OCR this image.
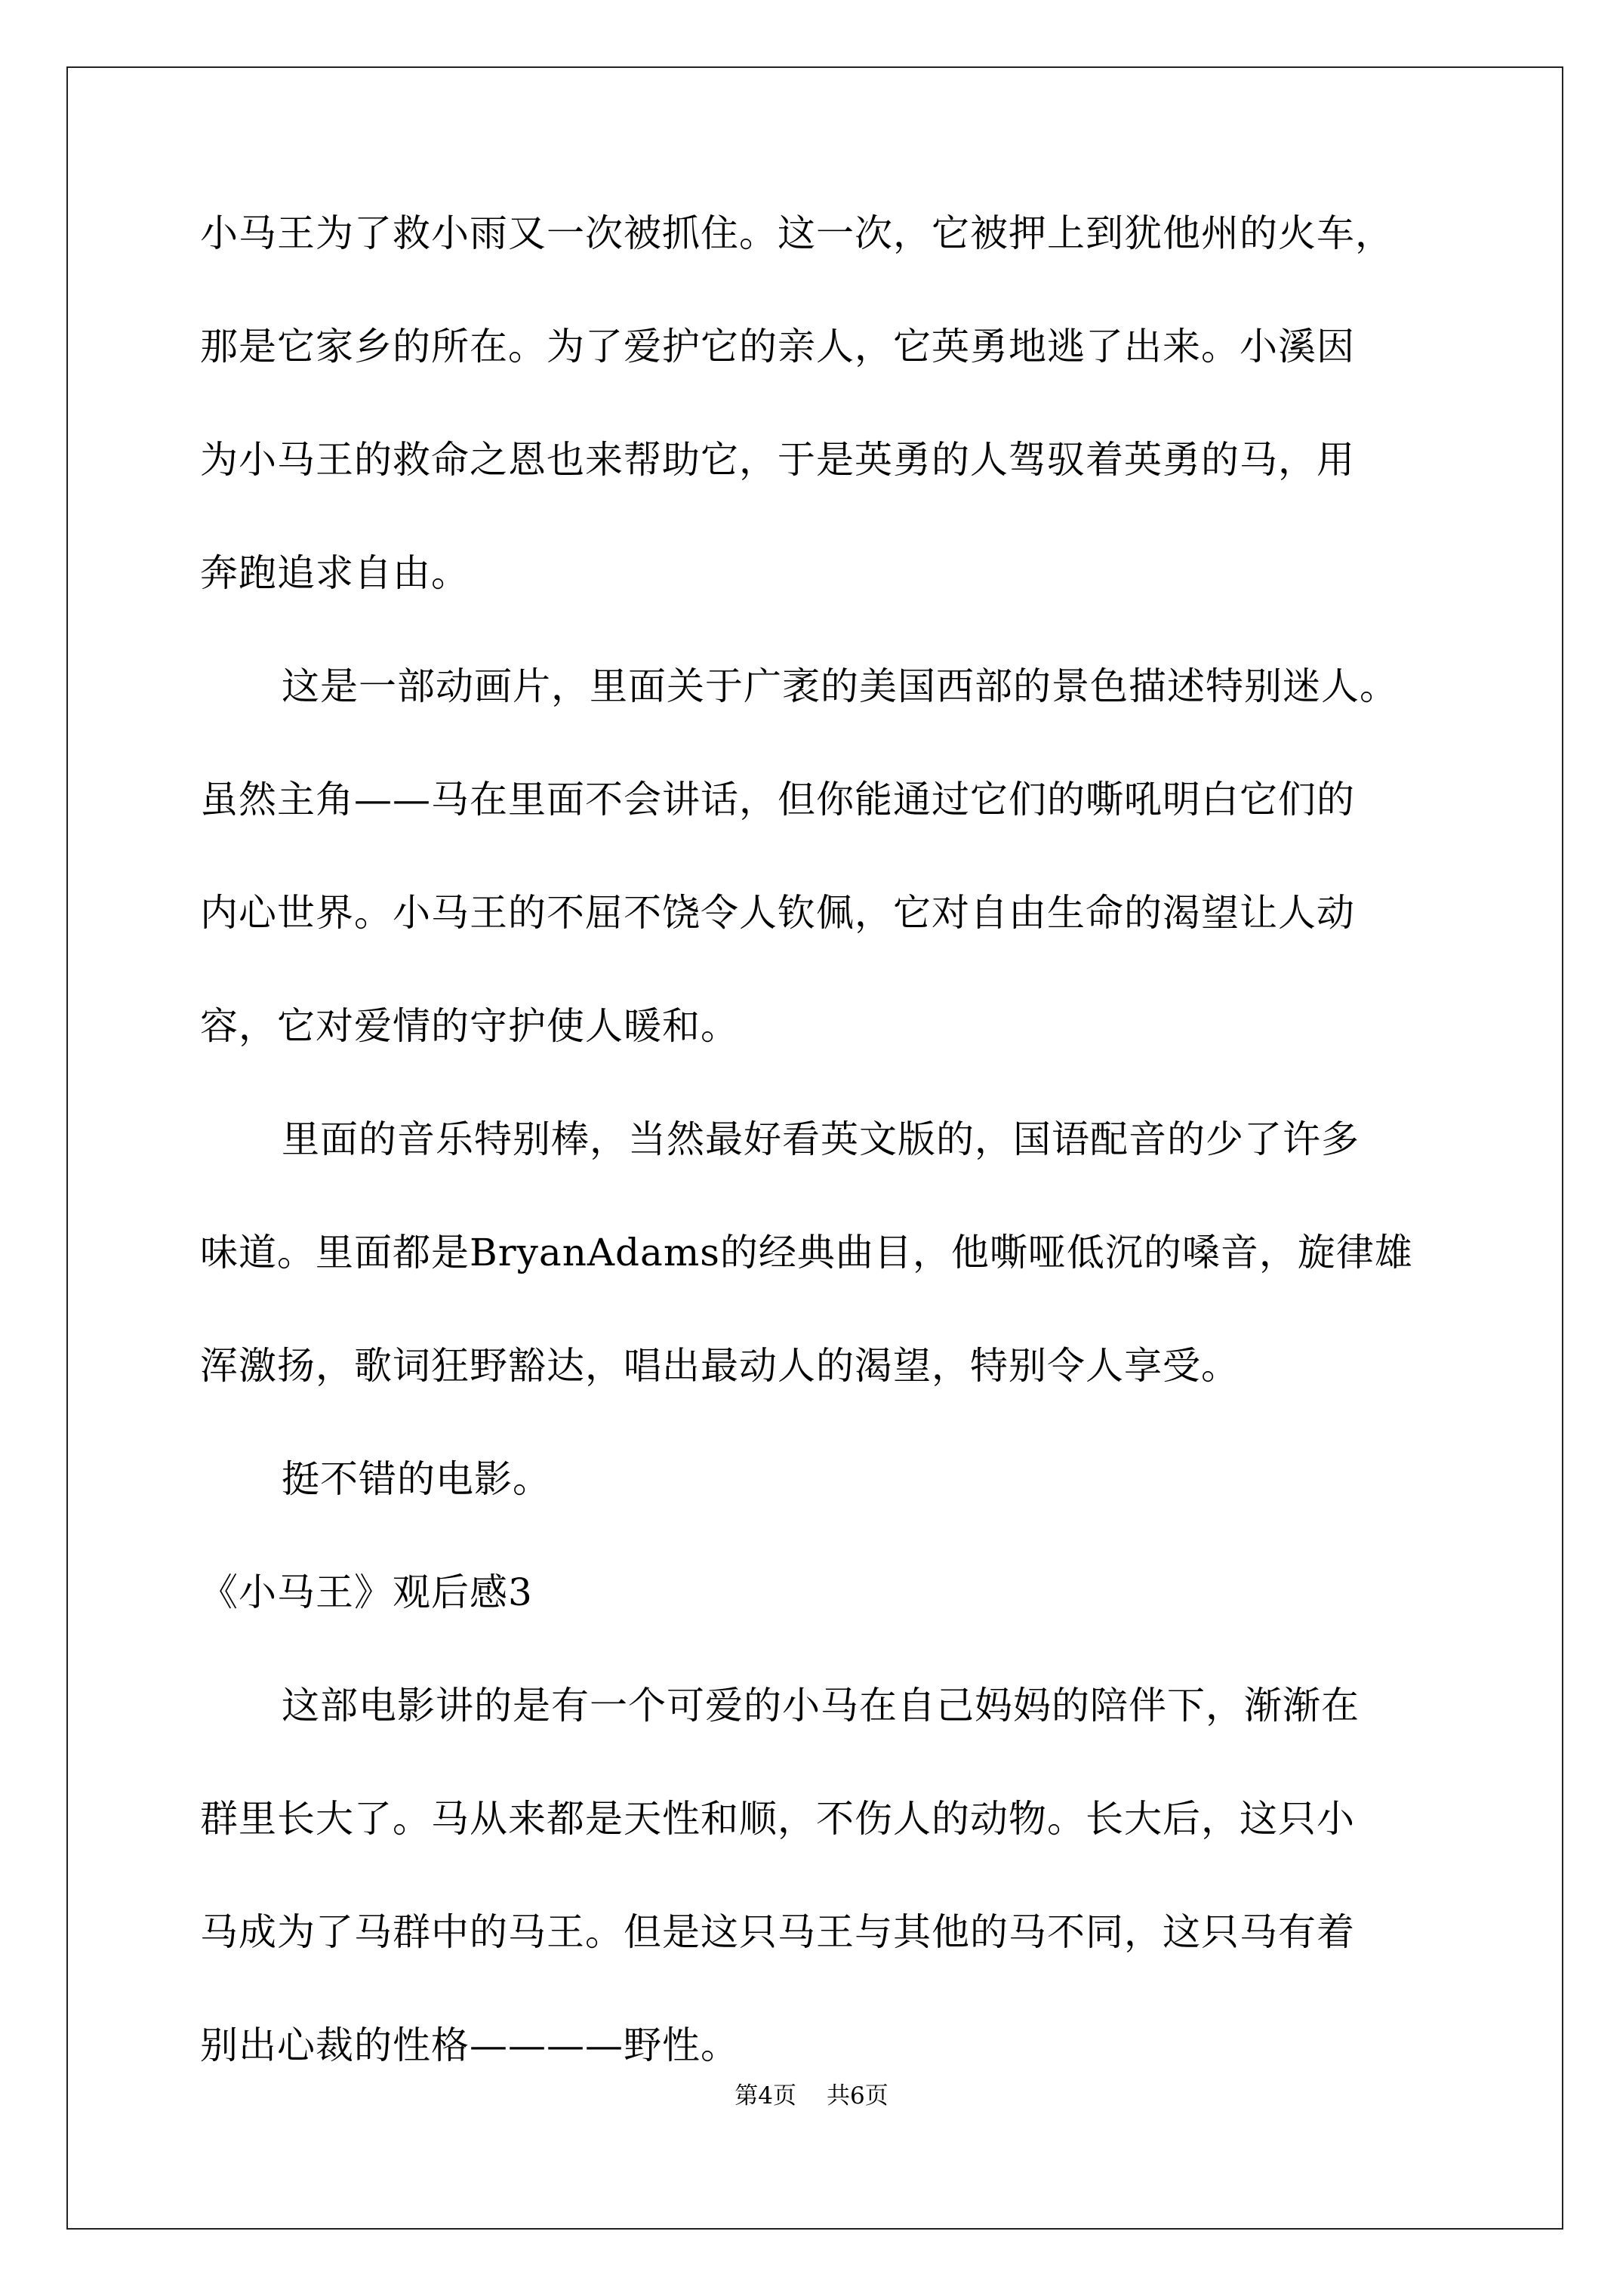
小马王为了救小雨又一次被抓住。这一次，它被押上到犹他州的火车，
那是它家乡的所在。为了爱护它的亲人，它英勇地逃了出来。小溪因
为小马王的救命之恩也来帮助它，于是英勇的人驾驭着英勇的马，用
奔跑追求自由。
这是一部动画片，里面关于广袤的美国西部的景色描述特别迷人。
虽然主角——马在里面不会讲话，但你能通过它们的嘶吼明白它们的
内心世界。小马王的不屈不饶令人钦佩，它对自由生命的渴望让人动
容，它对爱情的守护使人暖和。
里面的音乐特别棒，当然最好看英文版的，国语配音的少了许多
味道。里面都是BryanAdams的经典曲目，他嘶哑低沉的嗓音，旋律雄
浑激扬，歌词狂野豁达，唱出最动人的渴望，特别令人享受。
挺不错的电影。
《小马王》观后感3
这部电影讲的是有一个可爱的小马在自己妈妈的陪伴下，渐渐在
群里长大了。马从来都是天性和顺，不伤人的动物。长大后，这只小
马成为了马群中的马王。但是这只马王与其他的马不同，这只马有着
别出心裁的性格————野性。
第4页 共6页
